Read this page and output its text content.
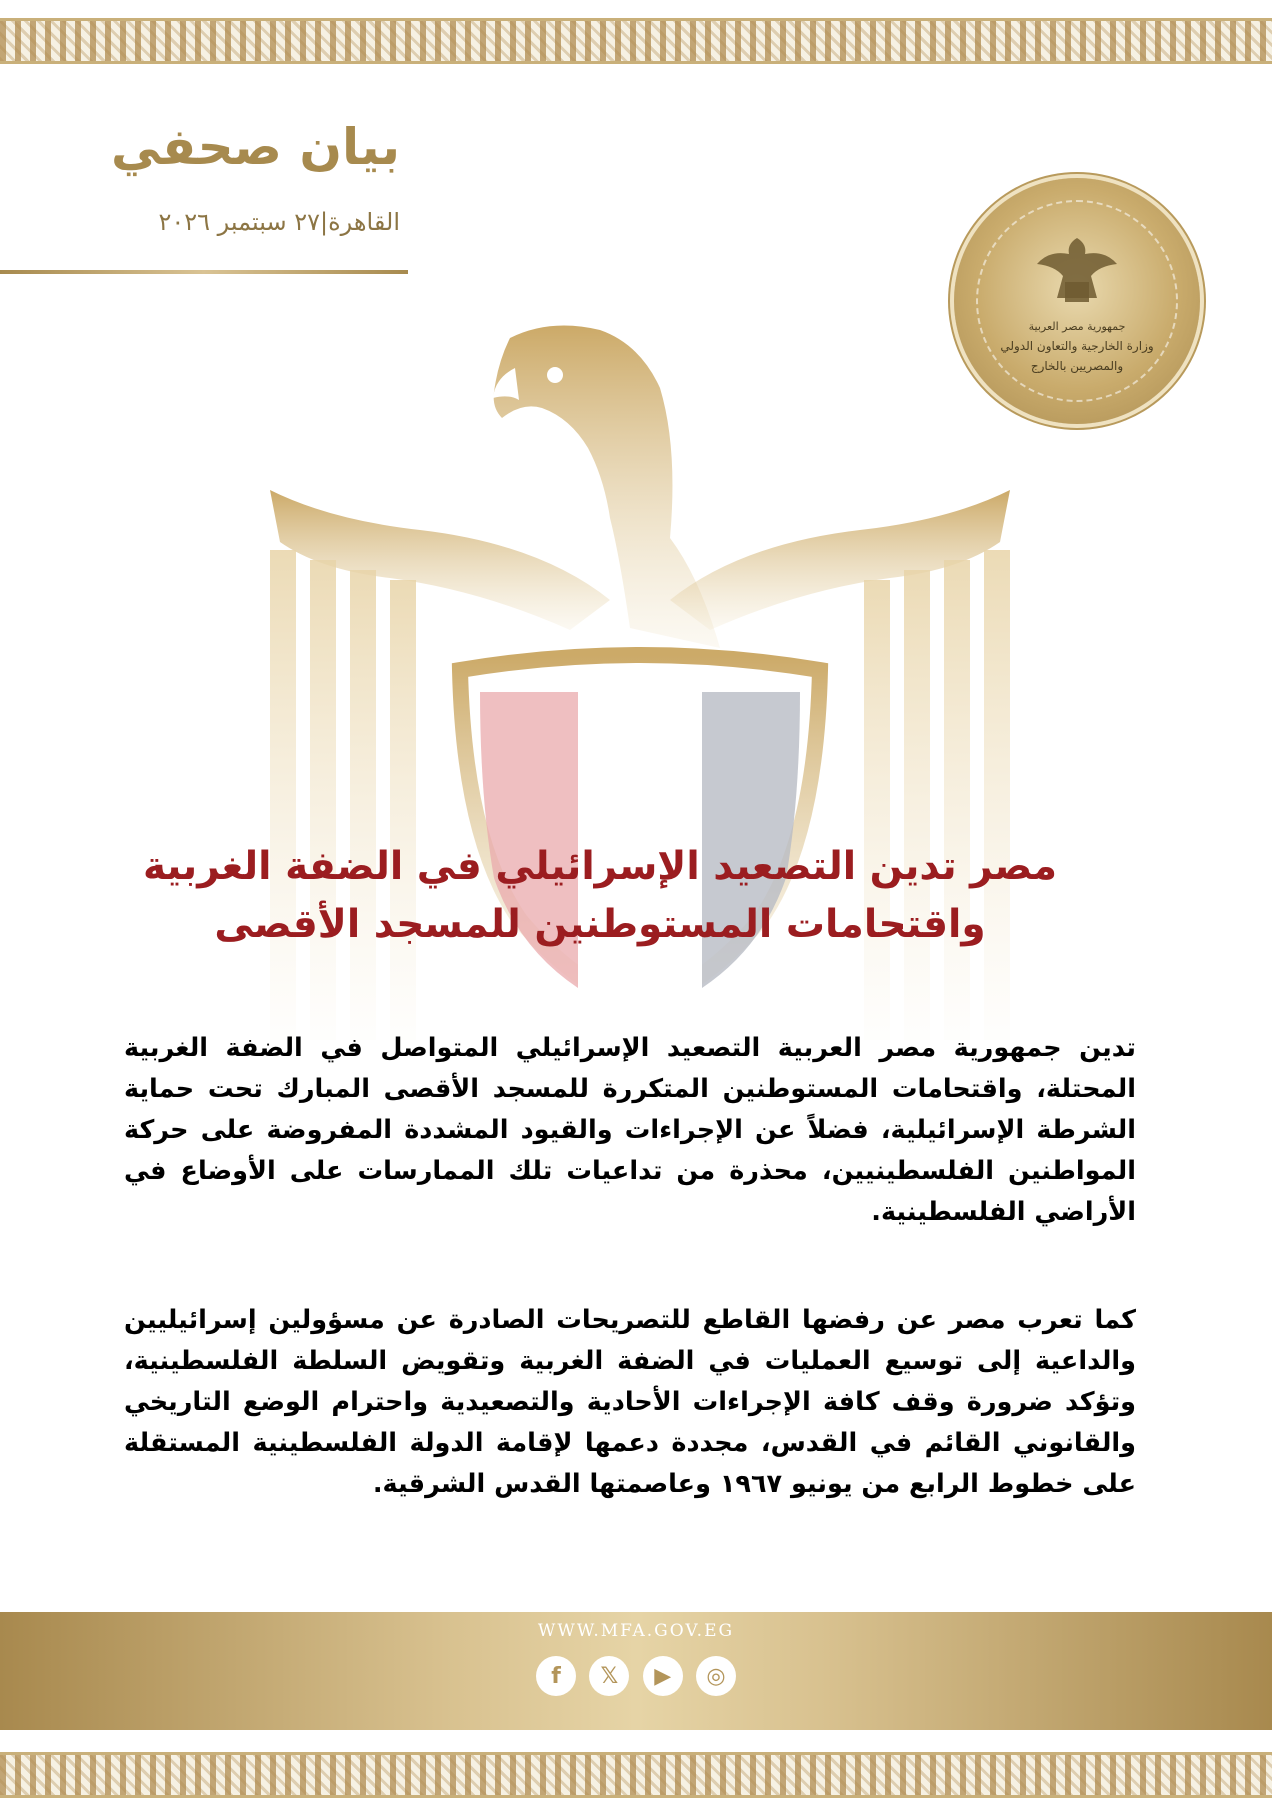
بيان صحفي
القاهرة|٢٧ سبتمبر ٢٠٢٦
جمهورية مصر العربية
وزارة الخارجية والتعاون الدولي
والمصريين بالخارج
مصر تدين التصعيد الإسرائيلي في الضفة الغربية
واقتحامات المستوطنين للمسجد الأقصى
تدين جمهورية مصر العربية التصعيد الإسرائيلي المتواصل في الضفة الغربية المحتلة، واقتحامات المستوطنين المتكررة للمسجد الأقصى المبارك تحت حماية الشرطة الإسرائيلية، فضلاً عن الإجراءات والقيود المشددة المفروضة على حركة المواطنين الفلسطينيين، محذرة من تداعيات تلك الممارسات على الأوضاع في الأراضي الفلسطينية.
كما تعرب مصر عن رفضها القاطع للتصريحات الصادرة عن مسؤولين إسرائيليين والداعية إلى توسيع العمليات في الضفة الغربية وتقويض السلطة الفلسطينية، وتؤكد ضرورة وقف كافة الإجراءات الأحادية والتصعيدية واحترام الوضع التاريخي والقانوني القائم في القدس، مجددة دعمها لإقامة الدولة الفلسطينية المستقلة على خطوط الرابع من يونيو ١٩٦٧ وعاصمتها القدس الشرقية.
WWW.MFA.GOV.EG
f	𝕏	▶	◎
